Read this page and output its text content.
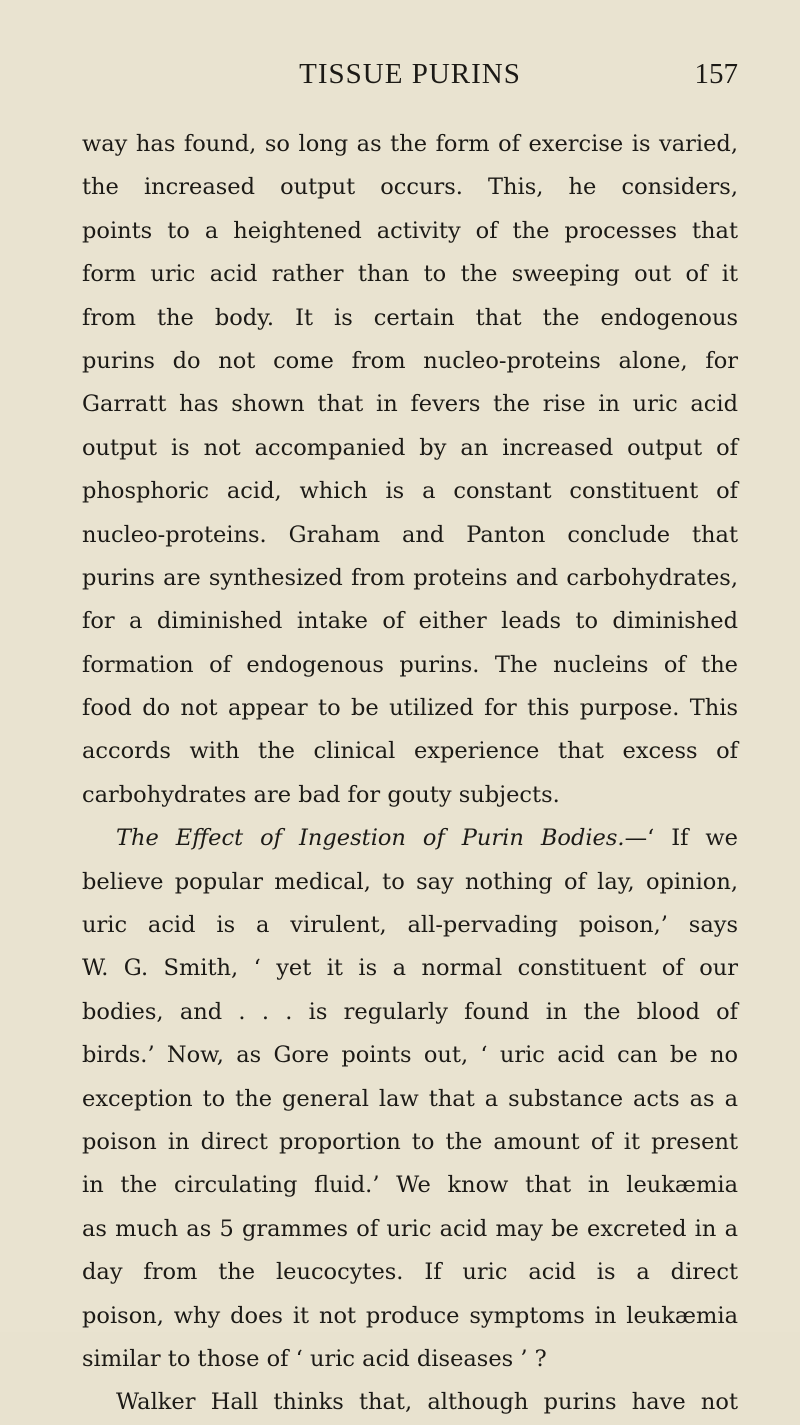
TISSUE PURINS	157
way has found, so long as the form of exercise is varied,
the increased output occurs. This, he considers,
points to a heightened activity of the processes that
form uric acid rather than to the sweeping out of it
from the body. It is certain that the endogenous
purins do not come from nucleo-proteins alone, for
Garratt has shown that in fevers the rise in uric acid
output is not accompanied by an increased output of
phosphoric acid, which is a constant constituent of
nucleo-proteins. Graham and Panton conclude that
purins are synthesized from proteins and carbohydrates,
for a diminished intake of either leads to diminished
formation of endogenous purins. The nucleins of the
food do not appear to be utilized for this purpose. This
accords with the clinical experience that excess of
carbohydrates are bad for gouty subjects.
The Effect of Ingestion of Purin Bodies.—‘ If we
believe popular medical, to say nothing of lay, opinion,
uric acid is a virulent, all-pervading poison,’ says
W. G. Smith, ‘ yet it is a normal constituent of our
bodies, and . . . is regularly found in the blood of
birds.’ Now, as Gore points out, ‘ uric acid can be no
exception to the general law that a substance acts as a
poison in direct proportion to the amount of it present
in the circulating fluid.’ We know that in leukæmia
as much as 5 grammes of uric acid may be excreted in a
day from the leucocytes. If uric acid is a direct
poison, why does it not produce symptoms in leukæmia
similar to those of ‘ uric acid diseases ’ ?
Walker Hall thinks that, although purins have not
